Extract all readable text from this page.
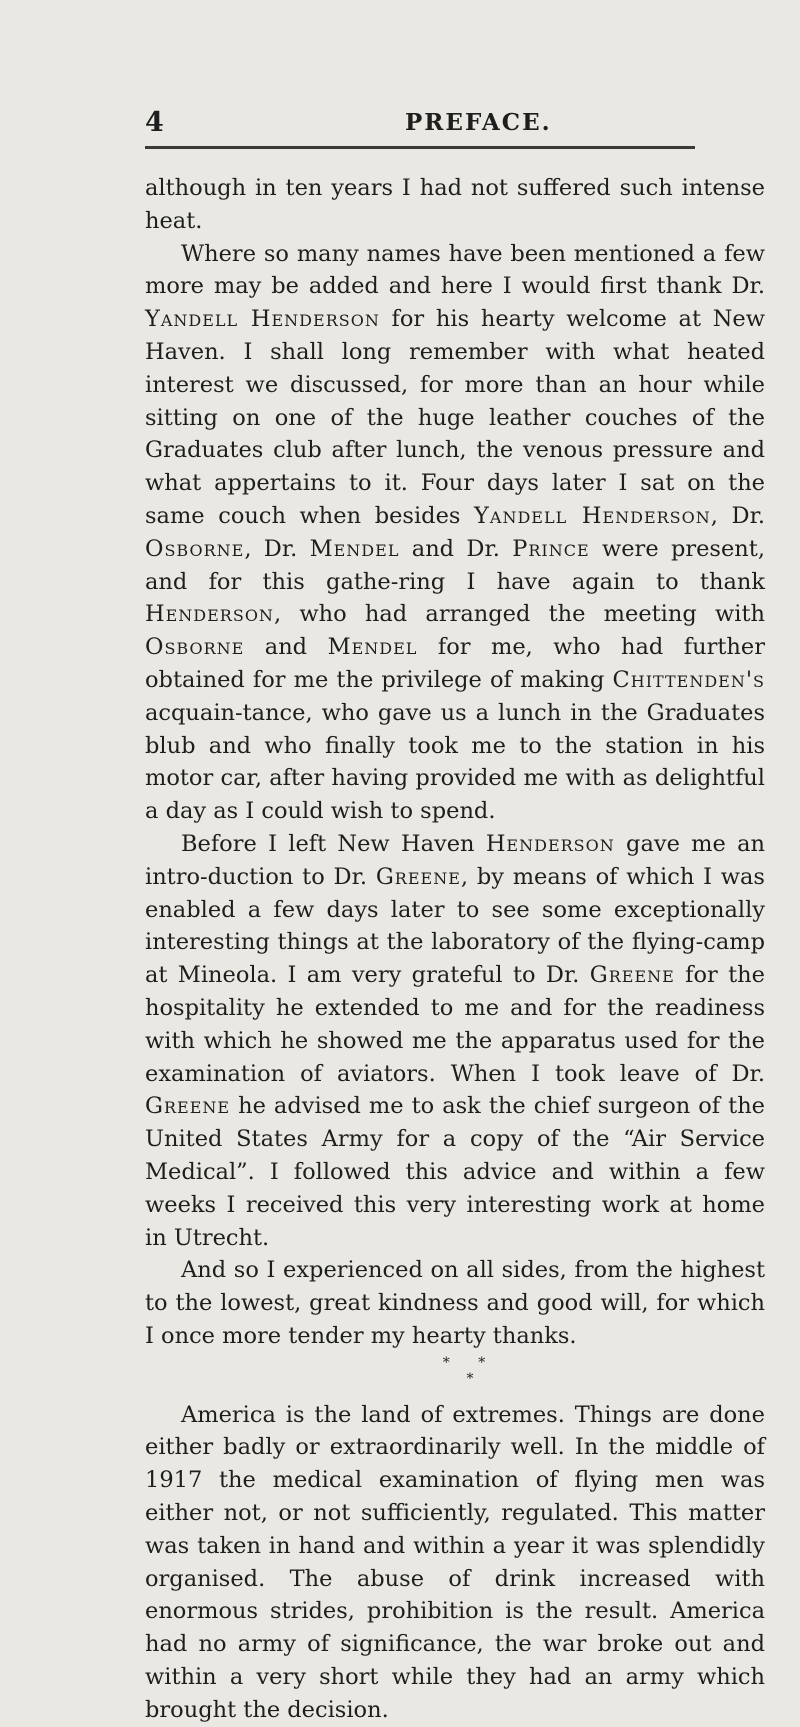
4	PREFACE.

although in ten years I had not suffered such intense heat.

Where so many names have been mentioned a few more may be added and here I would first thank Dr. Yandell Henderson for his hearty welcome at New Haven. I shall long remember with what heated interest we discussed, for more than an hour while sitting on one of the huge leather couches of the Graduates club after lunch, the venous pressure and what appertains to it. Four days later I sat on the same couch when besides Yandell Henderson, Dr. Osborne, Dr. Mendel and Dr. Prince were present, and for this gathe-ring I have again to thank Henderson, who had arranged the meeting with Osborne and Mendel for me, who had further obtained for me the privilege of making Chittenden's acquain-tance, who gave us a lunch in the Graduates blub and who finally took me to the station in his motor car, after having provided me with as delightful a day as I could wish to spend.

Before I left New Haven Henderson gave me an intro-duction to Dr. Greene, by means of which I was enabled a few days later to see some exceptionally interesting things at the laboratory of the flying-camp at Mineola. I am very grateful to Dr. Greene for the hospitality he extended to me and for the readiness with which he showed me the apparatus used for the examination of aviators. When I took leave of Dr. Greene he advised me to ask the chief surgeon of the United States Army for a copy of the “Air Service Medical”. I followed this advice and within a few weeks I received this very interesting work at home in Utrecht.

And so I experienced on all sides, from the highest to the lowest, great kindness and good will, for which I once more tender my hearty thanks.

* *
*

America is the land of extremes. Things are done either badly or extraordinarily well. In the middle of 1917 the medical examination of flying men was either not, or not sufficiently, regulated. This matter was taken in hand and within a year it was splendidly organised. The abuse of drink increased with enormous strides, prohibition is the result. America had no army of significance, the war broke out and within a very short while they had an army which brought the decision.
